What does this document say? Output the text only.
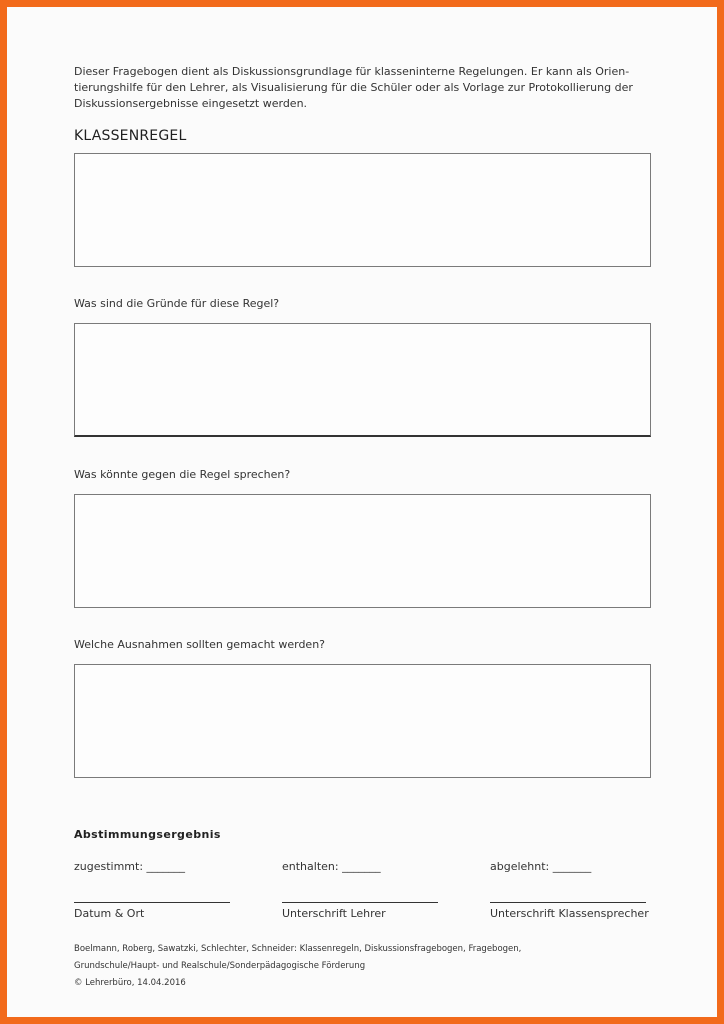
Dieser Fragebogen dient als Diskussionsgrundlage für klasseninterne Regelungen. Er kann als Orien-
tierungshilfe für den Lehrer, als Visualisierung für die Schüler oder als Vorlage zur Protokollierung der
Diskussionsergebnisse eingesetzt werden.
KLASSENREGEL
Was sind die Gründe für diese Regel?
Was könnte gegen die Regel sprechen?
Welche Ausnahmen sollten gemacht werden?
Abstimmungsergebnis
zugestimmt: _______	enthalten: _______	abgelehnt: _______
Datum & Ort	Unterschrift Lehrer	Unterschrift Klassensprecher
Boelmann, Roberg, Sawatzki, Schlechter, Schneider: Klassenregeln, Diskussionsfragebogen, Fragebogen,
Grundschule/Haupt- und Realschule/Sonderpädagogische Förderung
© Lehrerbüro, 14.04.2016
